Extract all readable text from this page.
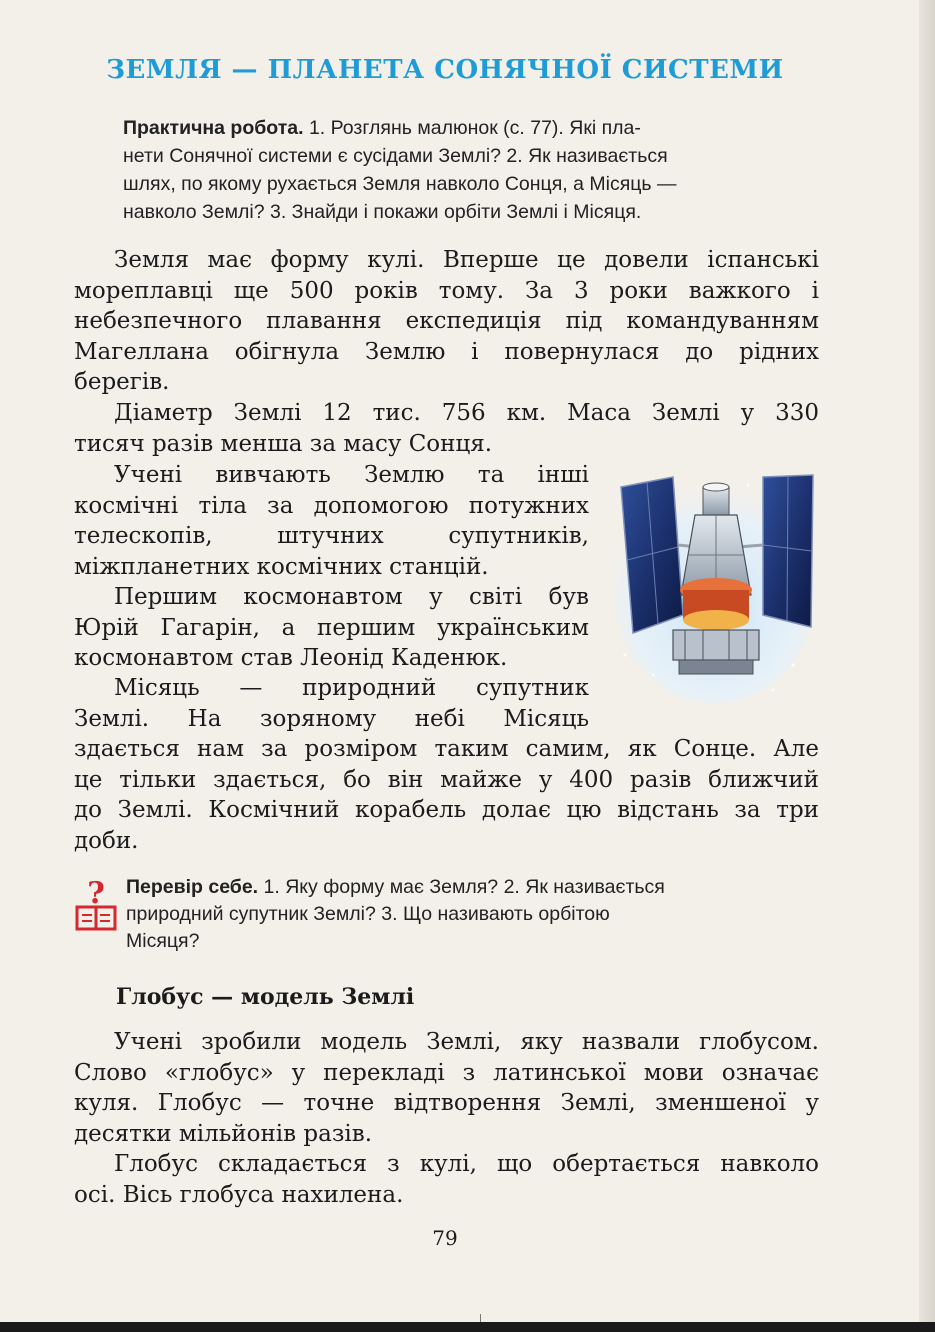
ЗЕМЛЯ — ПЛАНЕТА СОНЯЧНОЇ СИСТЕМИ
Практична робота. 1. Розглянь малюнок (с. 77). Які пла-
нети Сонячної системи є сусідами Землі? 2. Як називається
шлях, по якому рухається Земля навколо Сонця, а Місяць —
навколо Землі? 3. Знайди і покажи орбіти Землі і Місяця.
Земля має форму кулі. Вперше це довели іспанські
мореплавці ще 500 років тому. За 3 роки важкого і
небезпечного плавання експедиція під командуванням
Магеллана обігнула Землю і повернулася до рідних
берегів.
Діаметр Землі 12 тис. 756 км. Маса Землі у 330
тисяч разів менша за масу Сонця.
Учені вивчають Землю та інші
космічні тіла за допомогою потужних
телескопів, штучних супутників,
міжпланетних космічних станцій.
Першим космонавтом у світі був
Юрій Гагарін, а першим українським
космонавтом став Леонід Каденюк.
Місяць — природний супутник
Землі. На зоряному небі Місяць
здається нам за розміром таким самим, як Сонце. Але
це тільки здається, бо він майже у 400 разів ближчий
до Землі. Космічний корабель долає цю відстань за три
доби.
? Перевір себе. 1. Яку форму має Земля? 2. Як називається
природний супутник Землі? 3. Що називають орбітою
Місяця?
Глобус — модель Землі
Учені зробили модель Землі, яку назвали глобусом.
Слово «глобус» у перекладі з латинської мови означає
куля. Глобус — точне відтворення Землі, зменшеної у
десятки мільйонів разів.
Глобус складається з кулі, що обертається навколо
осі. Вісь глобуса нахилена.
79
